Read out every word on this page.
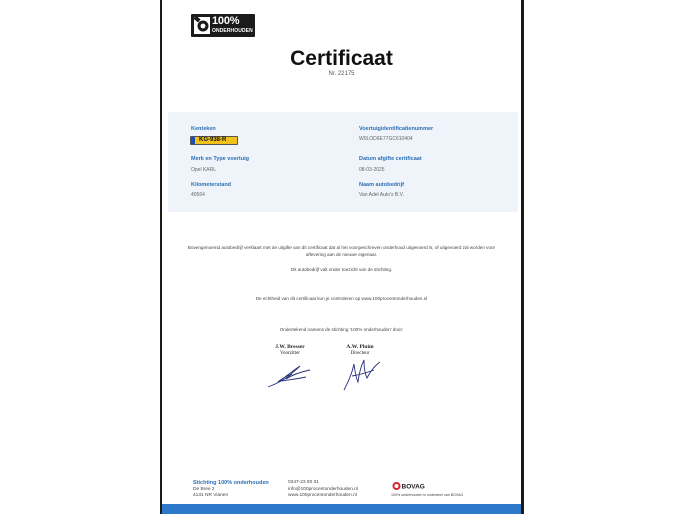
100%
ONDERHOUDEN
Certificaat
Nr. 22175
Kenteken
KG-938-R
Voertuigidentificatienummer
W0LOD6E77GC610404
Merk en Type voertuig
Opel KARL
Datum afgifte certificaat
08-03-2025
Kilometerstand
40564
Naam autobedrijf
Van Adel Auto's B.V.
Bovengenoemd autobedrijf verklaart met de uitgifte van dit certificaat dat al het voorgeschreven onderhoud uitgevoerd is, of uitgevoerd zal worden voor
aflevering aan de nieuwe eigenaar.
Dit autobedrijf valt onder toezicht van de stichting.
De echtheid van dit certificaat kun je controleren op www.100procentonderhouden.nl
Ondertekend namens de stichting '100% onderhouden' door:
J.W. Bresser
Voorzitter
A.W. Pluim
Directeur
Stichting 100% onderhouden
De Bree 2
4131 NR Vianen
0347-23 80 01
info@100procentonderhouden.nl
www.100procentonderhouden.nl
BOVAG
100% onderhouden is onderdeel van BOVAG
